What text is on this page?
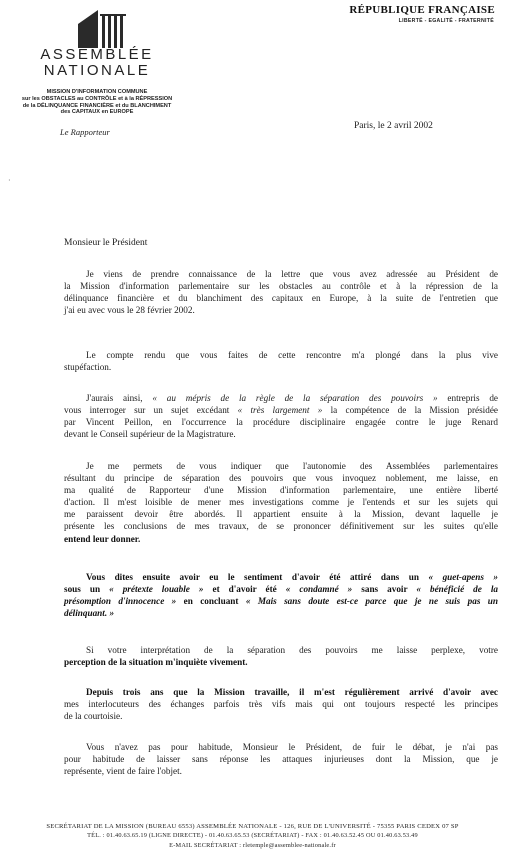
ASSEMBLÉE
NATIONALE
MISSION D'INFORMATION COMMUNE
sur les OBSTACLES au CONTRÔLE et à la RÉPRESSION
de la DÉLINQUANCE FINANCIÈRE et du BLANCHIMENT
des CAPITAUX en EUROPE
Le Rapporteur
RÉPUBLIQUE FRANÇAISE
LIBERTÉ - EGALITÉ - FRATERNITÉ
Paris, le 2 avril 2002
·
Monsieur le Président
Je viens de prendre connaissance de la lettre que vous avez adressée au Président de
la Mission d'information parlementaire sur les obstacles au contrôle et à la répression de la
délinquance financière et du blanchiment des capitaux en Europe, à la suite de l'entretien que
j'ai eu avec vous le 28 février 2002.
Le compte rendu que vous faites de cette rencontre m'a plongé dans la plus vive
stupéfaction.
J'aurais ainsi, « au mépris de la règle de la séparation des pouvoirs » entrepris de
vous interroger sur un sujet excédant « très largement » la compétence de la Mission présidée
par Vincent Peillon, en l'occurrence la procédure disciplinaire engagée contre le juge Renard
devant le Conseil supérieur de la Magistrature.
Je me permets de vous indiquer que l'autonomie des Assemblées parlementaires
résultant du principe de séparation des pouvoirs que vous invoquez noblement, me laisse, en
ma qualité de Rapporteur d'une Mission d'information parlementaire, une entière liberté
d'action. Il m'est loisible de mener mes investigations comme je l'entends et sur les sujets qui
me paraissent devoir être abordés. Il appartient ensuite à la Mission, devant laquelle je
présente les conclusions de mes travaux, de se prononcer définitivement sur les suites qu'elle
entend leur donner.
Vous dites ensuite avoir eu le sentiment d'avoir été attiré dans un « guet-apens »
sous un « prétexte louable » et d'avoir été « condamné » sans avoir « bénéficié de la
présomption d'innocence » en concluant « Mais sans doute est-ce parce que je ne suis pas un
délinquant. »
Si votre interprétation de la séparation des pouvoirs me laisse perplexe, votre
perception de la situation m'inquiète vivement.
Depuis trois ans que la Mission travaille, il m'est régulièrement arrivé d'avoir avec
mes interlocuteurs des échanges parfois très vifs mais qui ont toujours respecté les principes
de la courtoisie.
Vous n'avez pas pour habitude, Monsieur le Président, de fuir le débat, je n'ai pas
pour habitude de laisser sans réponse les attaques injurieuses dont la Mission, que je
représente, vient de faire l'objet.
SECRÉTARIAT DE LA MISSION (BUREAU 6553) ASSEMBLÉE NATIONALE - 126, RUE DE L'UNIVERSITÉ - 75355 PARIS CEDEX 07 SP
TÉL. : 01.40.63.65.19 (LIGNE DIRECTE) - 01.40.63.65.53 (SECRÉTARIAT) - FAX : 01.40.63.52.45 OU 01.40.63.53.49
E-MAIL SECRÉTARIAT : rletemple@assemblee-nationale.fr
